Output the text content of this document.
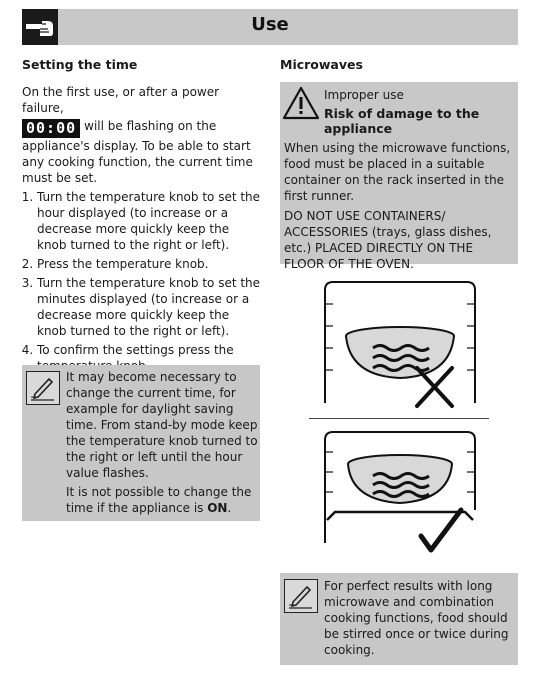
Use
Setting the time

On the first use, or after a power failure,

00:00 will be flashing on the appliance's display. To be able to start any cooking function, the current time must be set.

1. Turn the temperature knob to set the hour displayed (to increase or a decrease more quickly keep the knob turned to the right or left).
2. Press the temperature knob.
3. Turn the temperature knob to set the minutes displayed (to increase or a decrease more quickly keep the knob turned to the right or left).
4. To confirm the settings press the
It may become necessary to change the current time, for example for daylight saving time. From stand-by mode keep the temperature knob turned to the right or left until the hour value flashes.
It is not possible to change the time if the appliance is ON.
Microwaves
Improper use
Risk of damage to the appliance

When using the microwave functions, food must be placed in a suitable container on the rack inserted in the first runner.

DO NOT USE CONTAINERS/ ACCESSORIES (trays, glass dishes, etc.) PLACED DIRECTLY ON THE FLOOR OF THE OVEN.

For perfect results with long microwave and combination cooking functions, food should be stirred once or twice during cooking.
